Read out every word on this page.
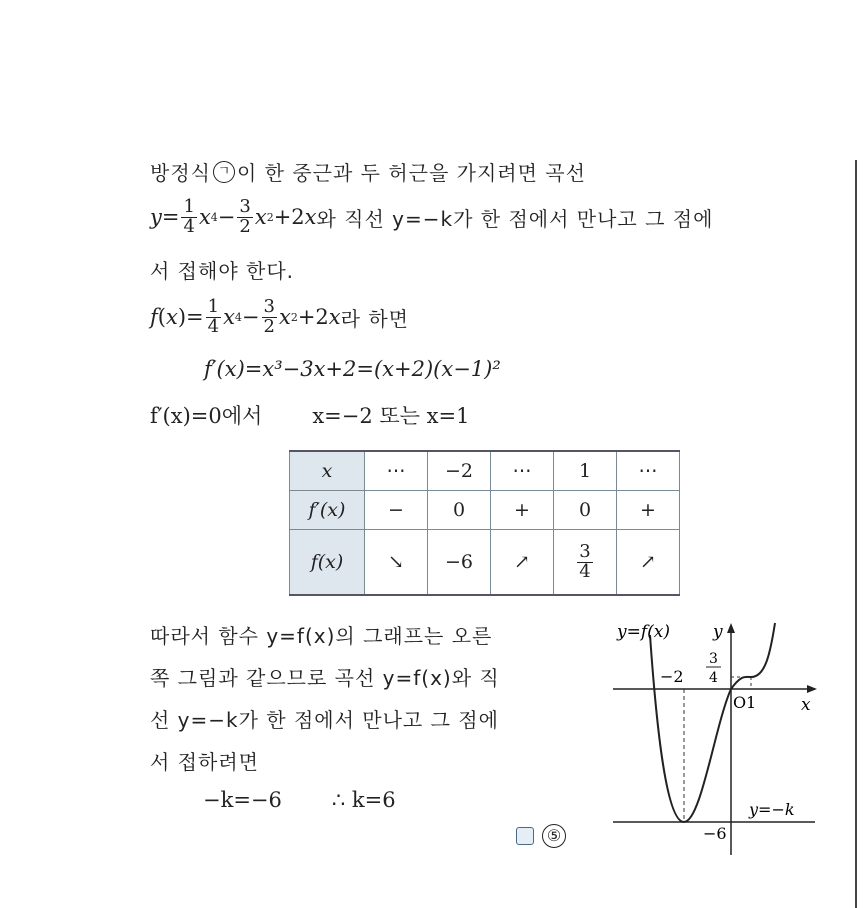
방정식 ㄱ 이 한 중근과 두 허근을 가지려면 곡선
$y = \frac{1}{4}$ x $4 - \frac{3}{2}$ x 2 +2 x 와 직선 y=−k가 한 점에서 만나고 그 점에
서 접해야 한다.
f ( x )= $\frac{1}{4}$ x $4 - \frac{3}{2}$ x 2 +2 x 라 하면
f′(x)=x³−3x+2=(x+2)(x−1)²
f′(x)=0에서 x=−2 또는 x=1
x	⋯	−2	⋯	1	⋯
f′(x)	−	0	+	0	+
f(x)	↘	−6	↗	$\frac{3}{4}$	↗
따라서 함수 y=f(x)의 그래프는 오른
쪽 그림과 같으므로 곡선 y=f(x)와 직
선 y=−k가 한 점에서 만나고 그 점에
서 접하려면
−k=−6 ∴ k=6
⑤
y=f(x)	y
x
O 1
−2
3
4
−6
y=−k
